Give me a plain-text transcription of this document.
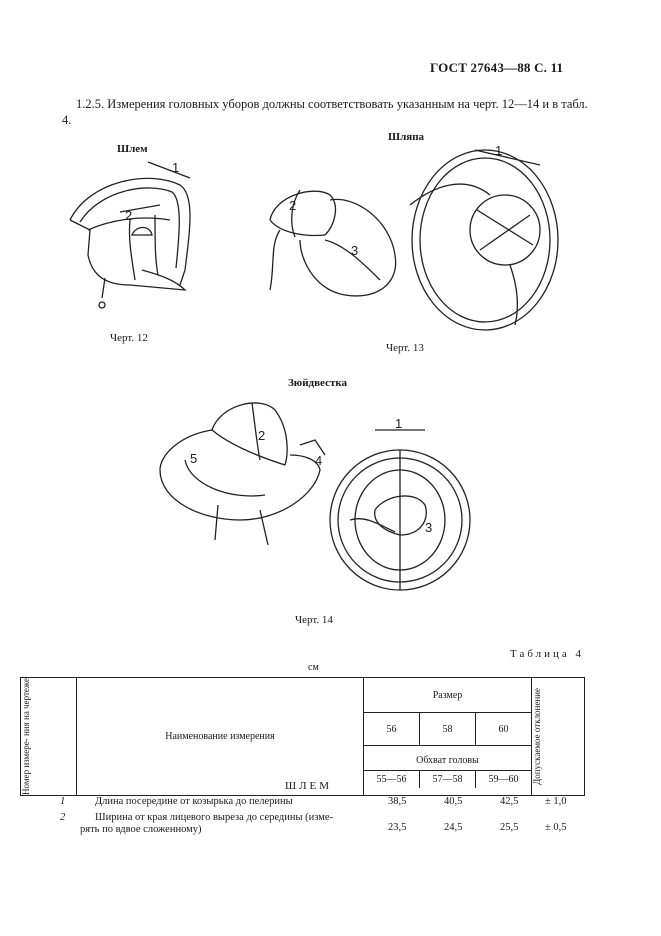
ГОСТ 27643—88 С. 11
1.2.5. Измерения головных уборов должны соответствовать указанным на черт. 12—14 и в табл. 4.
Шлем
1
2
Черт. 12
Шляпа
2
3
1
Черт. 13
Зюйдвестка
2
5	4
1
3
Черт. 14
Таблица 4
см
Номер измере- ния на чертеже	Наименование измерения	Размер			Допускаемое отклонение

		56	58	60	

		Обхват головы
55—56 57—58 59—60			
ШЛЕМ
1	Длина посередине от козырька до пелерины	38,5	40,5	42,5	± 1,0
2	Ширина от края лицевого выреза до середины (изме-
рять по вдвое сложенному)	23,5	24,5	25,5	± 0,5
